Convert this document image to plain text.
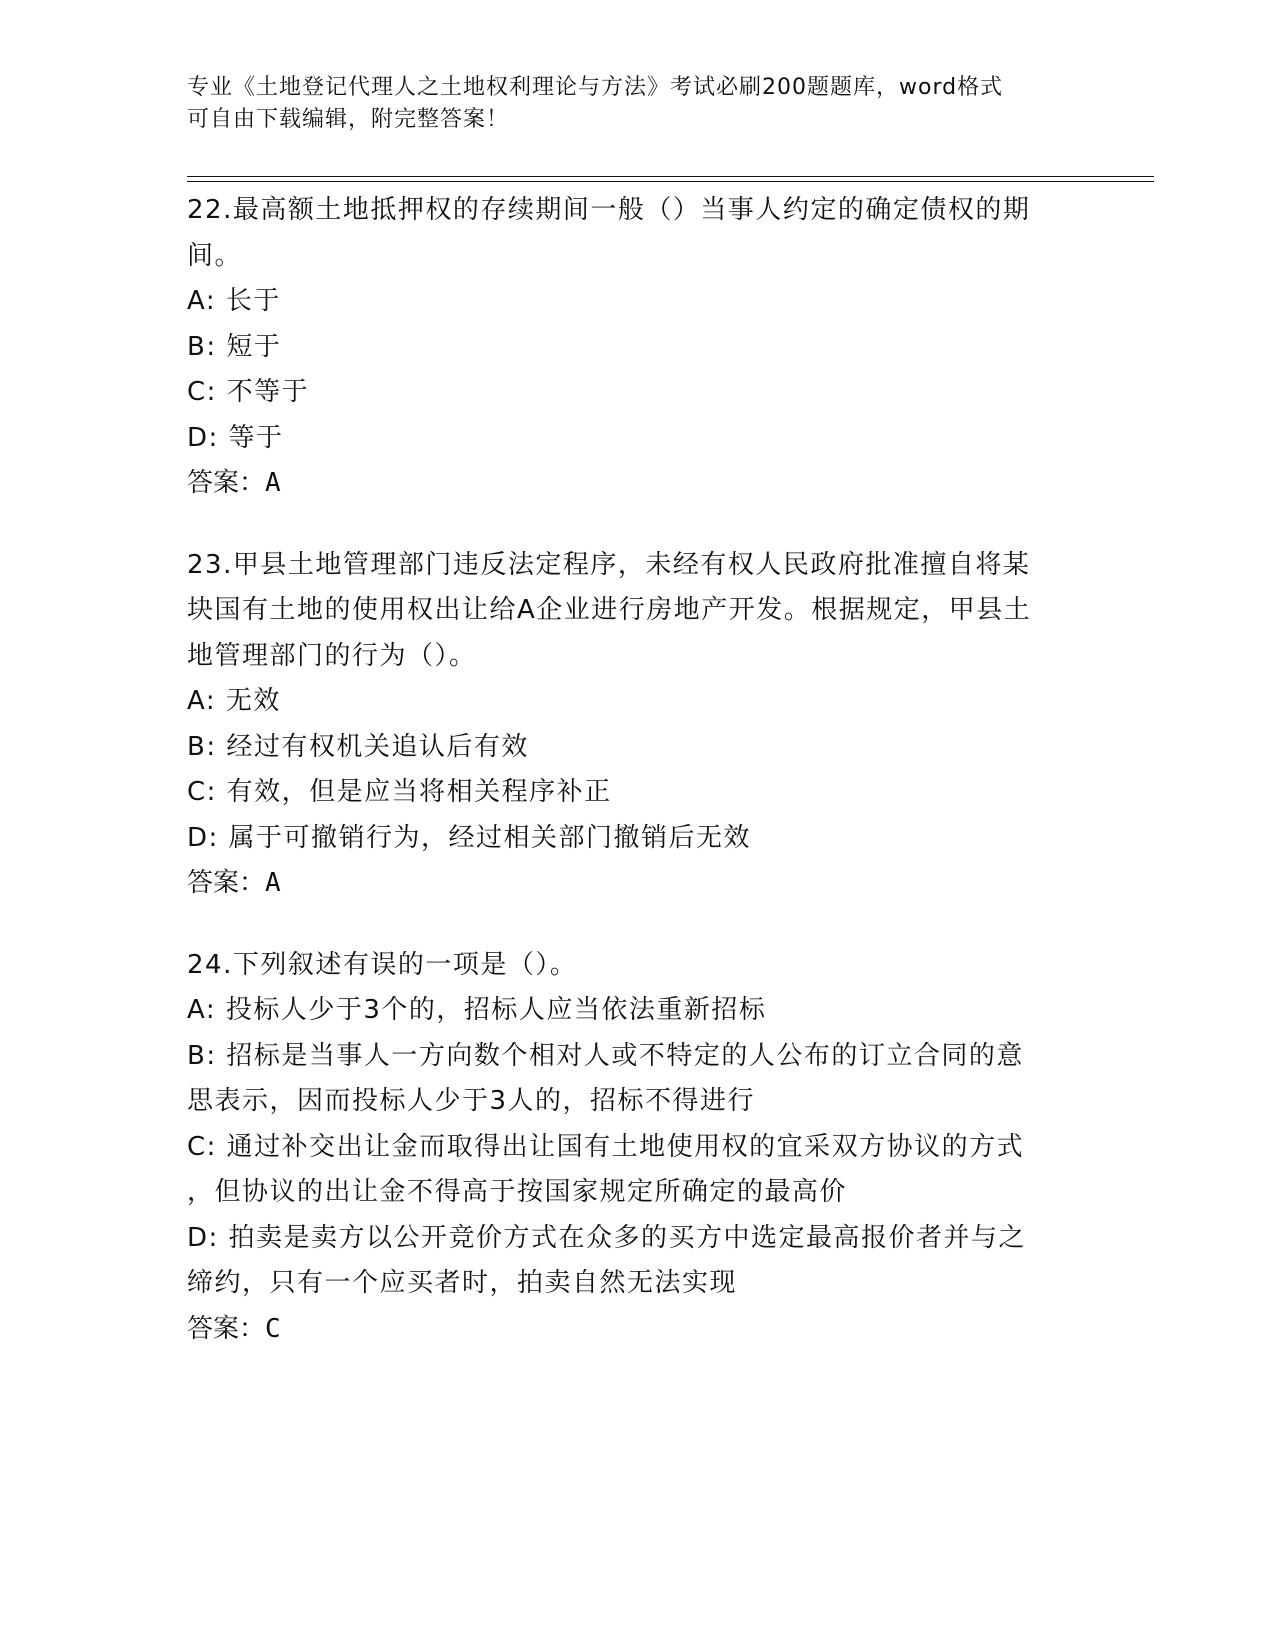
专业《土地登记代理人之土地权利理论与方法》考试必刷200题题库，word格式
可自由下载编辑，附完整答案！
22.最高额土地抵押权的存续期间一般（）当事人约定的确定债权的期
间。
A: 长于
B: 短于
C: 不等于
D: 等于
答案：A
23.甲县土地管理部门违反法定程序，未经有权人民政府批准擅自将某
块国有土地的使用权出让给A企业进行房地产开发。根据规定，甲县土
地管理部门的行为（）。
A: 无效
B: 经过有权机关追认后有效
C: 有效，但是应当将相关程序补正
D: 属于可撤销行为，经过相关部门撤销后无效
答案：A
24.下列叙述有误的一项是（）。
A: 投标人少于3个的，招标人应当依法重新招标
B: 招标是当事人一方向数个相对人或不特定的人公布的订立合同的意
思表示，因而投标人少于3人的，招标不得进行
C: 通过补交出让金而取得出让国有土地使用权的宜采双方协议的方式
，但协议的出让金不得高于按国家规定所确定的最高价
D: 拍卖是卖方以公开竞价方式在众多的买方中选定最高报价者并与之
缔约，只有一个应买者时，拍卖自然无法实现
答案：C
